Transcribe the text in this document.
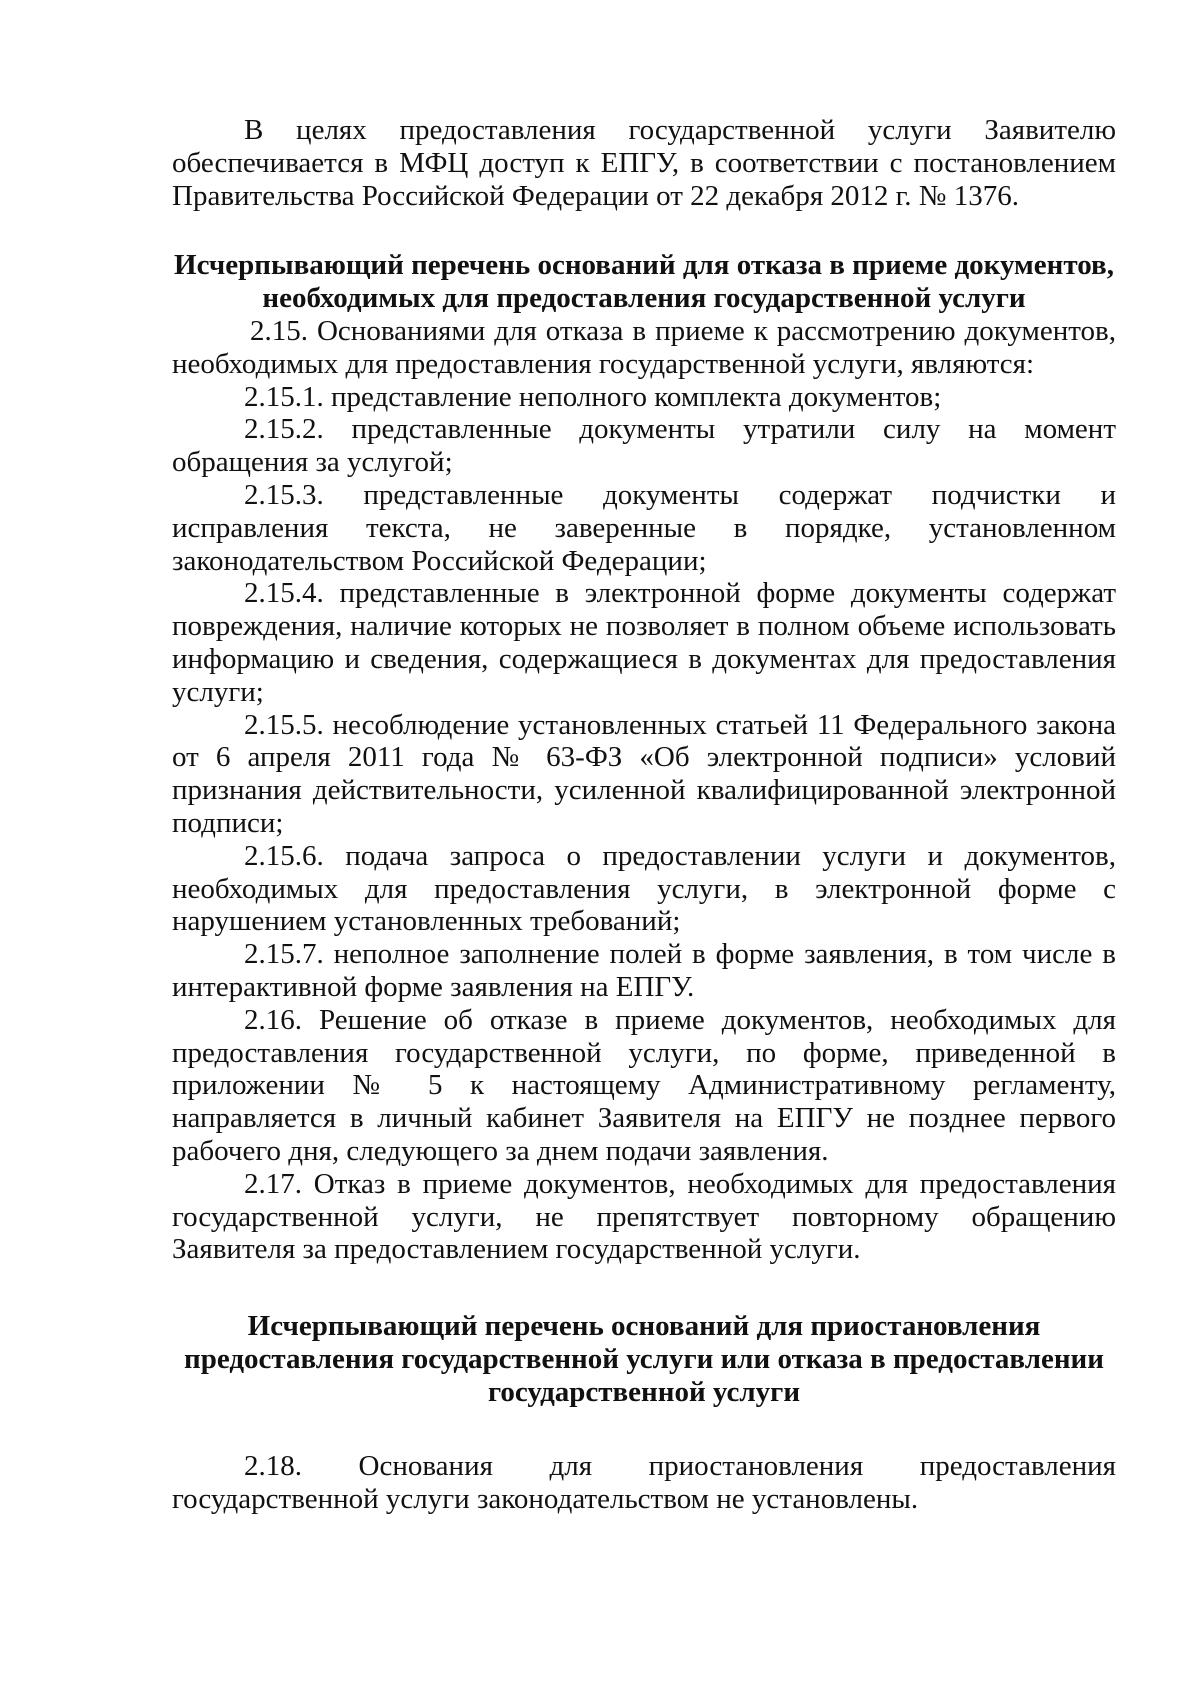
В целях предоставления государственной услуги Заявителю обеспечивается в МФЦ доступ к ЕПГУ, в соответствии с постановлением Правительства Российской Федерации от 22 декабря 2012 г. № 1376.

Исчерпывающий перечень оснований для отказа в приеме документов, необходимых для предоставления государственной услуги

2.15. Основаниями для отказа в приеме к рассмотрению документов, необходимых для предоставления государственной услуги, являются:

2.15.1. представление неполного комплекта документов;

2.15.2. представленные документы утратили силу на момент обращения за услугой;

2.15.3. представленные документы содержат подчистки и исправления текста, не заверенные в порядке, установленном законодательством Российской Федерации;

2.15.4. представленные в электронной форме документы содержат повреждения, наличие которых не позволяет в полном объеме использовать информацию и сведения, содержащиеся в документах для предоставления услуги;

2.15.5. несоблюдение установленных статьей 11 Федерального закона от 6 апреля 2011 года № 63-ФЗ «Об электронной подписи» условий признания действительности, усиленной квалифицированной электронной подписи;

2.15.6. подача запроса о предоставлении услуги и документов, необходимых для предоставления услуги, в электронной форме с нарушением установленных требований;

2.15.7. неполное заполнение полей в форме заявления, в том числе в интерактивной форме заявления на ЕПГУ.

2.16. Решение об отказе в приеме документов, необходимых для предоставления государственной услуги, по форме, приведенной в приложении № 5 к настоящему Административному регламенту, направляется в личный кабинет Заявителя на ЕПГУ не позднее первого рабочего дня, следующего за днем подачи заявления.

2.17. Отказ в приеме документов, необходимых для предоставления государственной услуги, не препятствует повторному обращению Заявителя за предоставлением государственной услуги.

Исчерпывающий перечень оснований для приостановления предоставления государственной услуги или отказа в предоставлении государственной услуги

2.18. Основания для приостановления предоставления государственной услуги законодательством не установлены.
